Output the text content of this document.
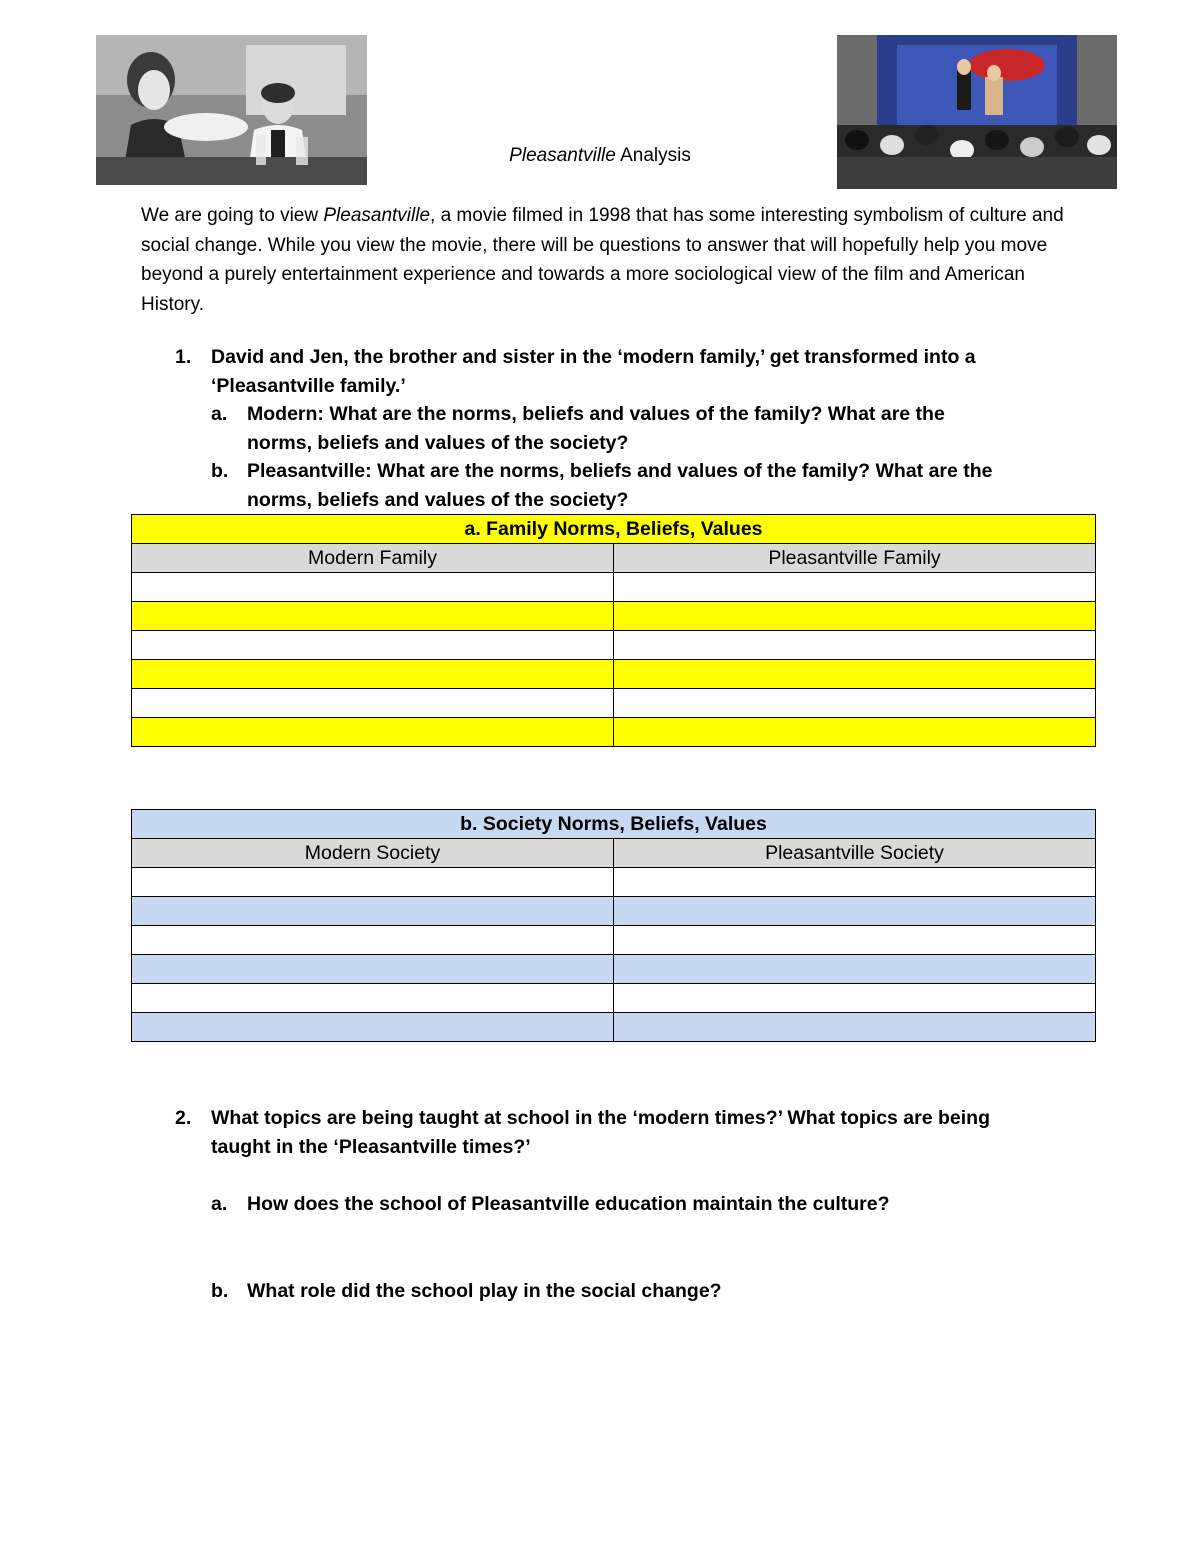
Pleasantville Analysis
We are going to view Pleasantville, a movie filmed in 1998 that has some interesting symbolism of culture and social change. While you view the movie, there will be questions to answer that will hopefully help you move beyond a purely entertainment experience and towards a more sociological view of the film and American History.
1. David and Jen, the brother and sister in the ‘modern family,’ get transformed into a
‘Pleasantville family.’
a. Modern: What are the norms, beliefs and values of the family? What are the
norms, beliefs and values of the society?
b. Pleasantville: What are the norms, beliefs and values of the family? What are the
norms, beliefs and values of the society?
a. Family Norms, Beliefs, Values	
Modern Family	Pleasantville Family

b. Society Norms, Beliefs, Values	
Modern Society	Pleasantville Society

2. What topics are being taught at school in the ‘modern times?’ What topics are being
taught in the ‘Pleasantville times?’
a. How does the school of Pleasantville education maintain the culture?
b. What role did the school play in the social change?
